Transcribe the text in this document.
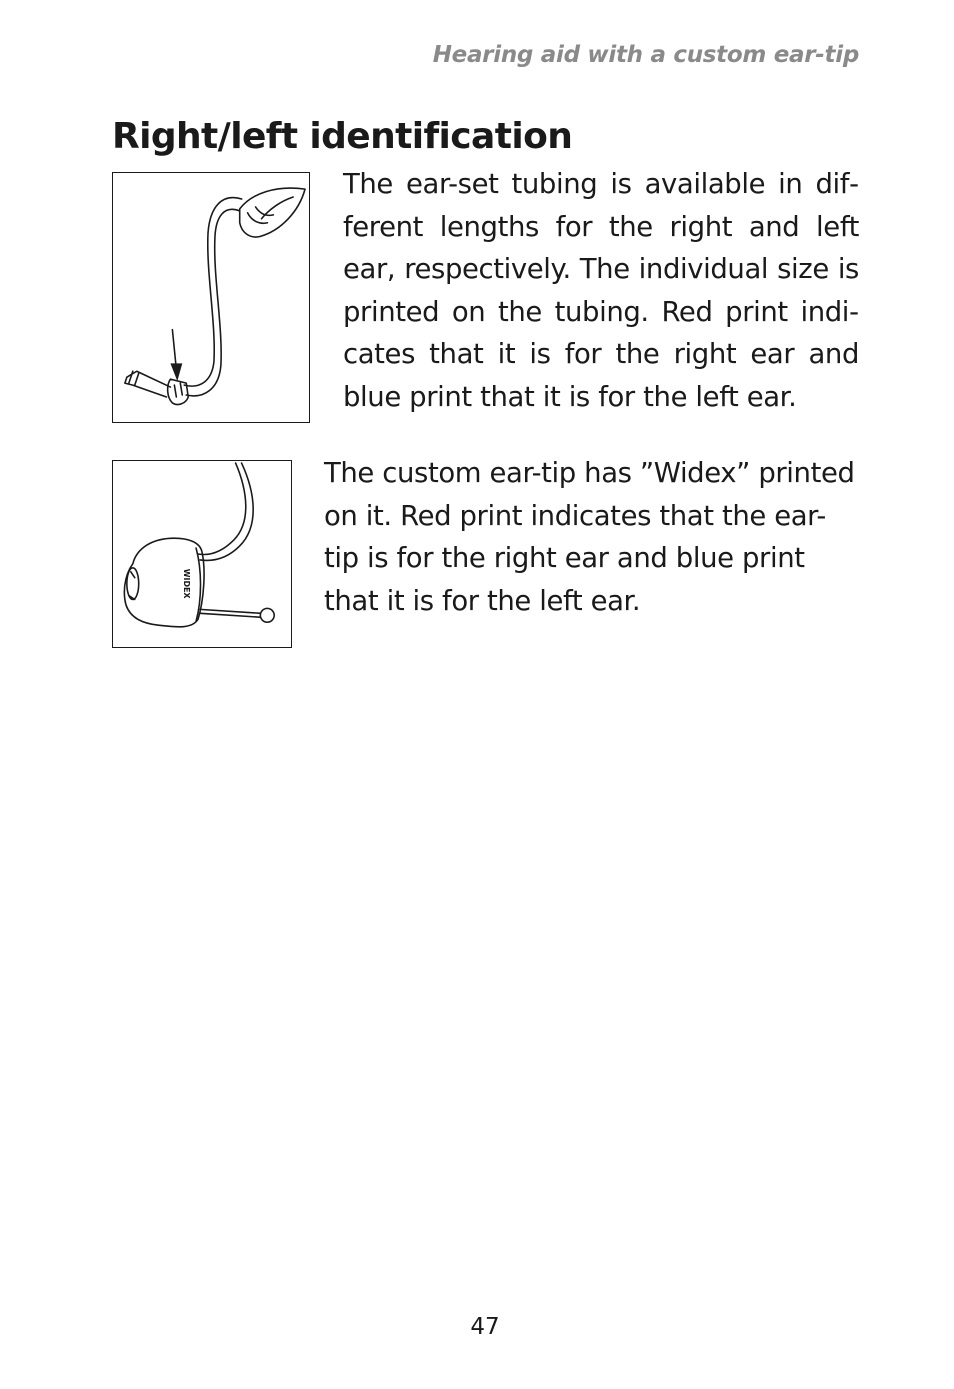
Hearing aid with a custom ear-tip
Right/left identification

The ear-set tubing is available in different lengths for the right and left ear, respectively. The individual size is printed on the tubing. Red print indicates that it is for the right ear and blue print that it is for the left ear.

WIDEX

The custom ear-tip has ”Widex” printed on it. Red print indicates that the ear-tip is for the right ear and blue print that it is for the left ear.

47
